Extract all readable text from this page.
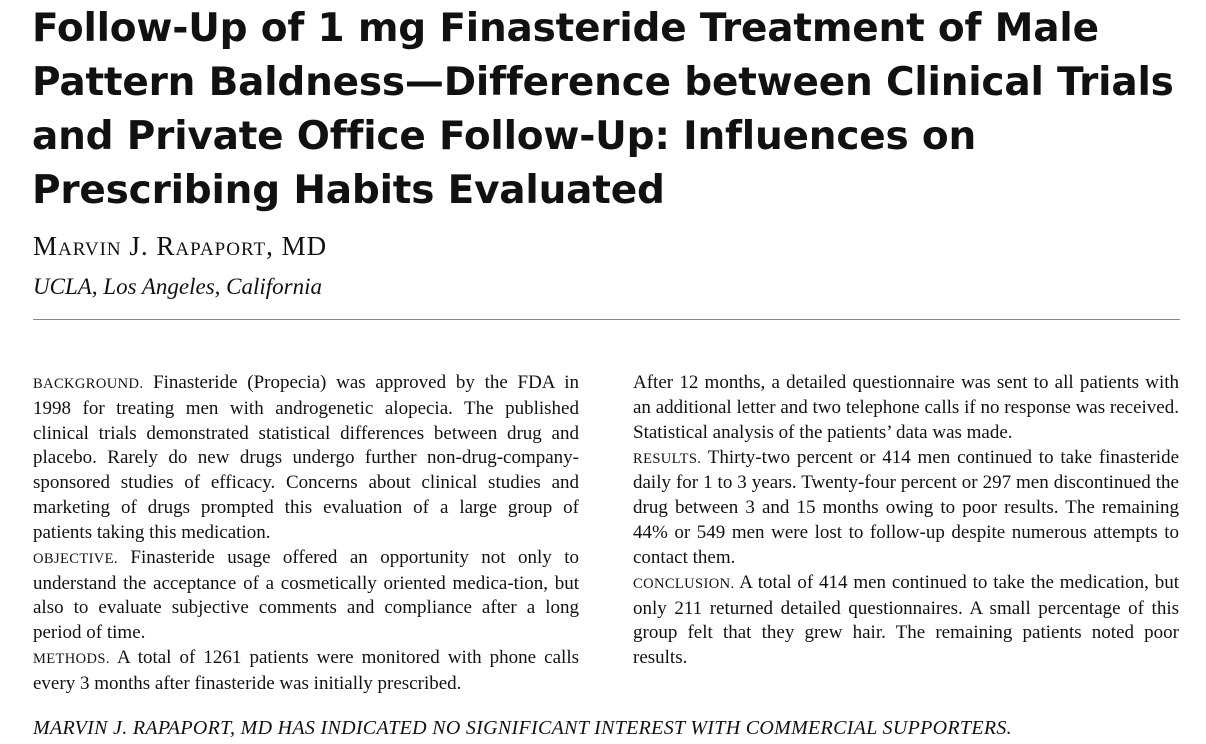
Follow-Up of 1 mg Finasteride Treatment of Male Pattern Baldness—Difference between Clinical Trials and Private Office Follow-Up: Influences on Prescribing Habits Evaluated

Marvin J. Rapaport, MD

UCLA, Los Angeles, California

BACKGROUND. Finasteride (Propecia) was approved by the FDA in 1998 for treating men with androgenetic alopecia. The published clinical trials demonstrated statistical differences between drug and placebo. Rarely do new drugs undergo further non-drug-company-sponsored studies of efficacy. Concerns about clinical studies and marketing of drugs prompted this evaluation of a large group of patients taking this medication.

OBJECTIVE. Finasteride usage offered an opportunity not only to understand the acceptance of a cosmetically oriented medica-tion, but also to evaluate subjective comments and compliance after a long period of time.

METHODS. A total of 1261 patients were monitored with phone calls every 3 months after finasteride was initially prescribed.

After 12 months, a detailed questionnaire was sent to all patients with an additional letter and two telephone calls if no response was received. Statistical analysis of the patients’ data was made.

RESULTS. Thirty-two percent or 414 men continued to take finasteride daily for 1 to 3 years. Twenty-four percent or 297 men discontinued the drug between 3 and 15 months owing to poor results. The remaining 44% or 549 men were lost to follow-up despite numerous attempts to contact them.

CONCLUSION. A total of 414 men continued to take the medication, but only 211 returned detailed questionnaires. A small percentage of this group felt that they grew hair. The remaining patients noted poor results.

MARVIN J. RAPAPORT, MD HAS INDICATED NO SIGNIFICANT INTEREST WITH COMMERCIAL SUPPORTERS.
